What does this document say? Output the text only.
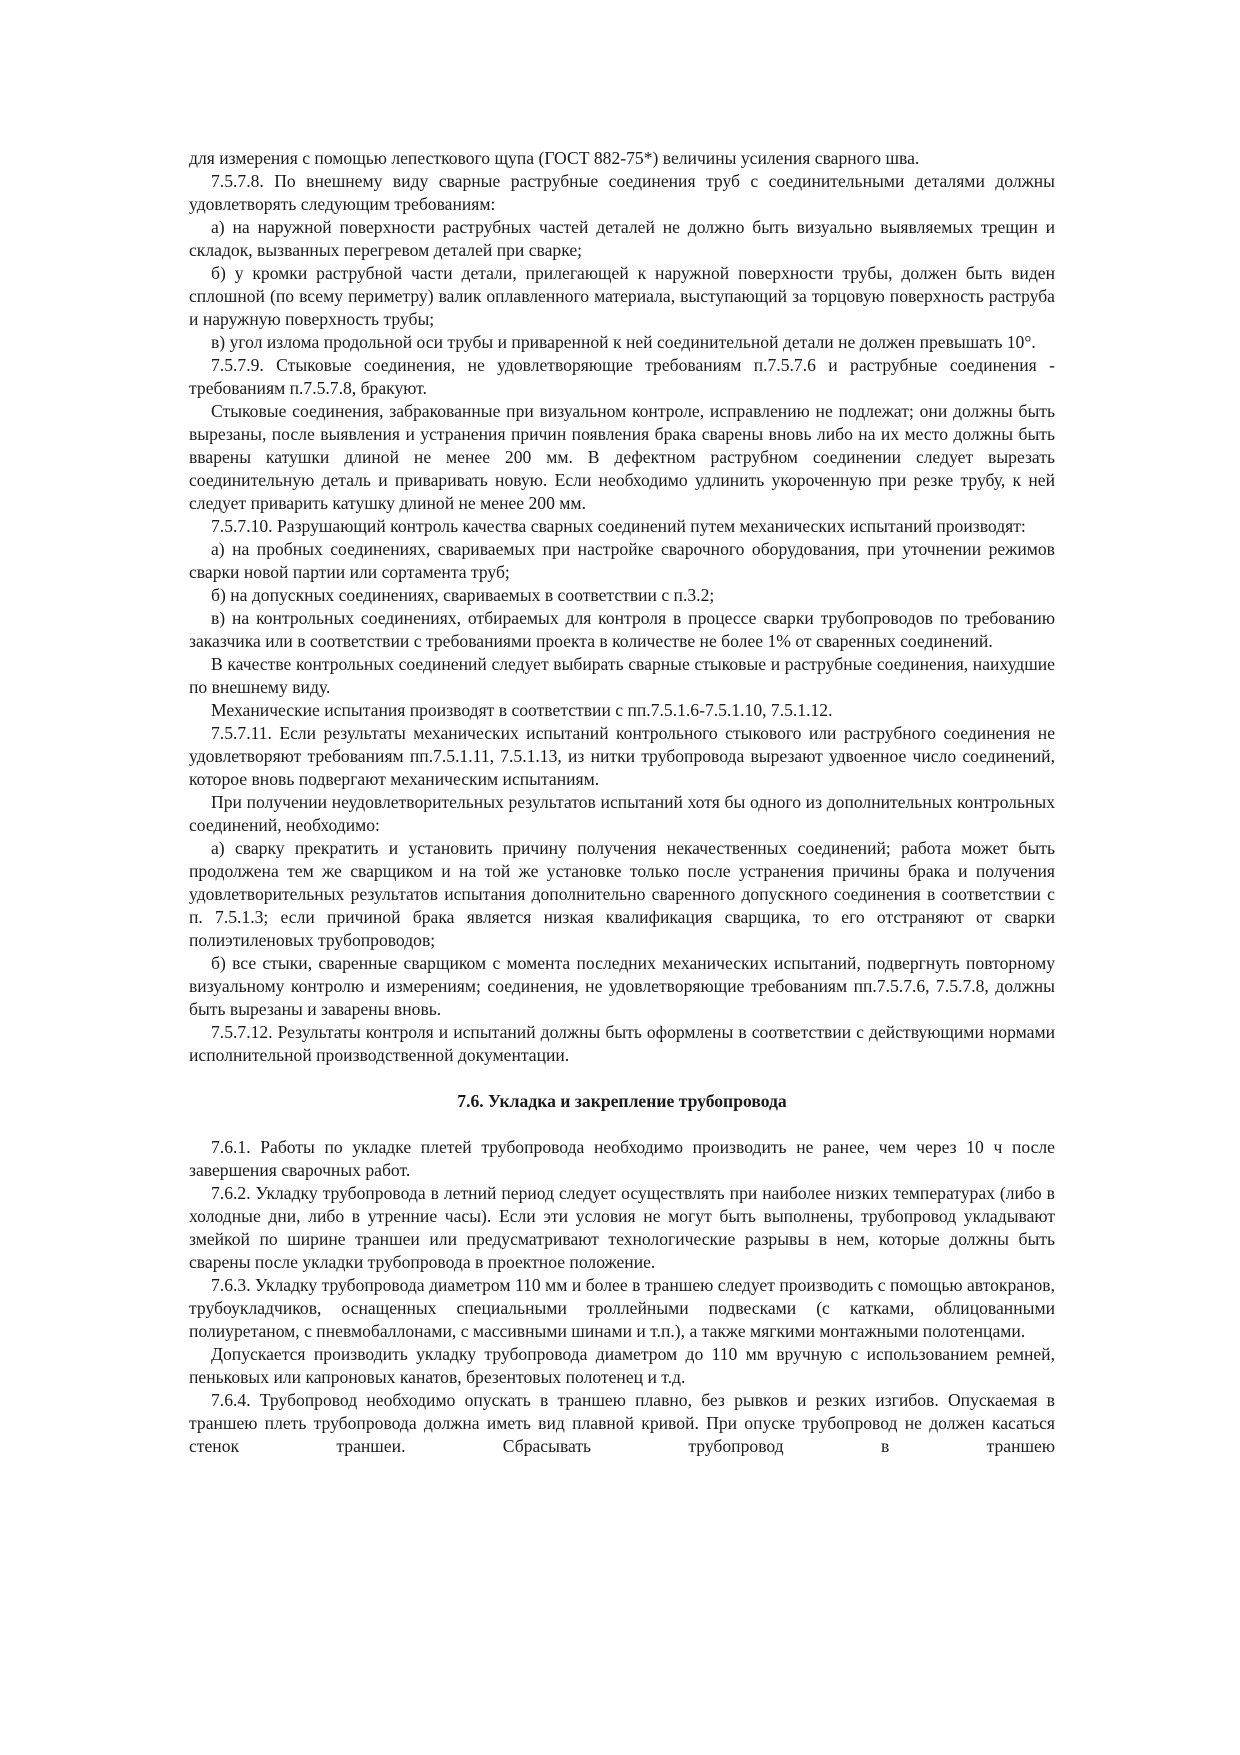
для измерения с помощью лепесткового щупа (ГОСТ 882-75*) величины усиления сварного шва.

7.5.7.8. По внешнему виду сварные раструбные соединения труб с соединительными деталями должны удовлетворять следующим требованиям:

а) на наружной поверхности раструбных частей деталей не должно быть визуально выявляемых трещин и складок, вызванных перегревом деталей при сварке;

б) у кромки раструбной части детали, прилегающей к наружной поверхности трубы, должен быть виден сплошной (по всему периметру) валик оплавленного материала, выступающий за торцовую поверхность раструба и наружную поверхность трубы;

в) угол излома продольной оси трубы и приваренной к ней соединительной детали не должен превышать 10°.

7.5.7.9. Стыковые соединения, не удовлетворяющие требованиям п.7.5.7.6 и раструбные соединения - требованиям п.7.5.7.8, бракуют.

Стыковые соединения, забракованные при визуальном контроле, исправлению не подлежат; они должны быть вырезаны, после выявления и устранения причин появления брака сварены вновь либо на их место должны быть вварены катушки длиной не менее 200 мм. В дефектном раструбном соединении следует вырезать соединительную деталь и приваривать новую. Если необходимо удлинить укороченную при резке трубу, к ней следует приварить катушку длиной не менее 200 мм.

7.5.7.10. Разрушающий контроль качества сварных соединений путем механических испытаний производят:

а) на пробных соединениях, свариваемых при настройке сварочного оборудования, при уточнении режимов сварки новой партии или сортамента труб;

б) на допускных соединениях, свариваемых в соответствии с п.3.2;

в) на контрольных соединениях, отбираемых для контроля в процессе сварки трубопроводов по требованию заказчика или в соответствии с требованиями проекта в количестве не более 1% от сваренных соединений.

В качестве контрольных соединений следует выбирать сварные стыковые и раструбные соединения, наихудшие по внешнему виду.

Механические испытания производят в соответствии с пп.7.5.1.6-7.5.1.10, 7.5.1.12.

7.5.7.11. Если результаты механических испытаний контрольного стыкового или раструбного соединения не удовлетворяют требованиям пп.7.5.1.11, 7.5.1.13, из нитки трубопровода вырезают удвоенное число соединений, которое вновь подвергают механическим испытаниям.

При получении неудовлетворительных результатов испытаний хотя бы одного из дополнительных контрольных соединений, необходимо:

а) сварку прекратить и установить причину получения некачественных соединений; работа может быть продолжена тем же сварщиком и на той же установке только после устранения причины брака и получения удовлетворительных результатов испытания дополнительно сваренного допускного соединения в соответствии с п. 7.5.1.3; если причиной брака является низкая квалификация сварщика, то его отстраняют от сварки полиэтиленовых трубопроводов;

б) все стыки, сваренные сварщиком с момента последних механических испытаний, подвергнуть повторному визуальному контролю и измерениям; соединения, не удовлетворяющие требованиям пп.7.5.7.6, 7.5.7.8, должны быть вырезаны и заварены вновь.

7.5.7.12. Результаты контроля и испытаний должны быть оформлены в соответствии с действующими нормами исполнительной производственной документации.

7.6. Укладка и закрепление трубопровода

7.6.1. Работы по укладке плетей трубопровода необходимо производить не ранее, чем через 10 ч после завершения сварочных работ.

7.6.2. Укладку трубопровода в летний период следует осуществлять при наиболее низких температурах (либо в холодные дни, либо в утренние часы). Если эти условия не могут быть выполнены, трубопровод укладывают змейкой по ширине траншеи или предусматривают технологические разрывы в нем, которые должны быть сварены после укладки трубопровода в проектное положение.

7.6.3. Укладку трубопровода диаметром 110 мм и более в траншею следует производить с помощью автокранов, трубоукладчиков, оснащенных специальными троллейными подвесками (с катками, облицованными полиуретаном, с пневмобаллонами, с массивными шинами и т.п.), а также мягкими монтажными полотенцами.

Допускается производить укладку трубопровода диаметром до 110 мм вручную с использованием ремней, пеньковых или капроновых канатов, брезентовых полотенец и т.д.

7.6.4. Трубопровод необходимо опускать в траншею плавно, без рывков и резких изгибов. Опускаемая в траншею плеть трубопровода должна иметь вид плавной кривой. При опуске трубопровод не должен касаться стенок траншеи. Сбрасывать трубопровод в траншею
